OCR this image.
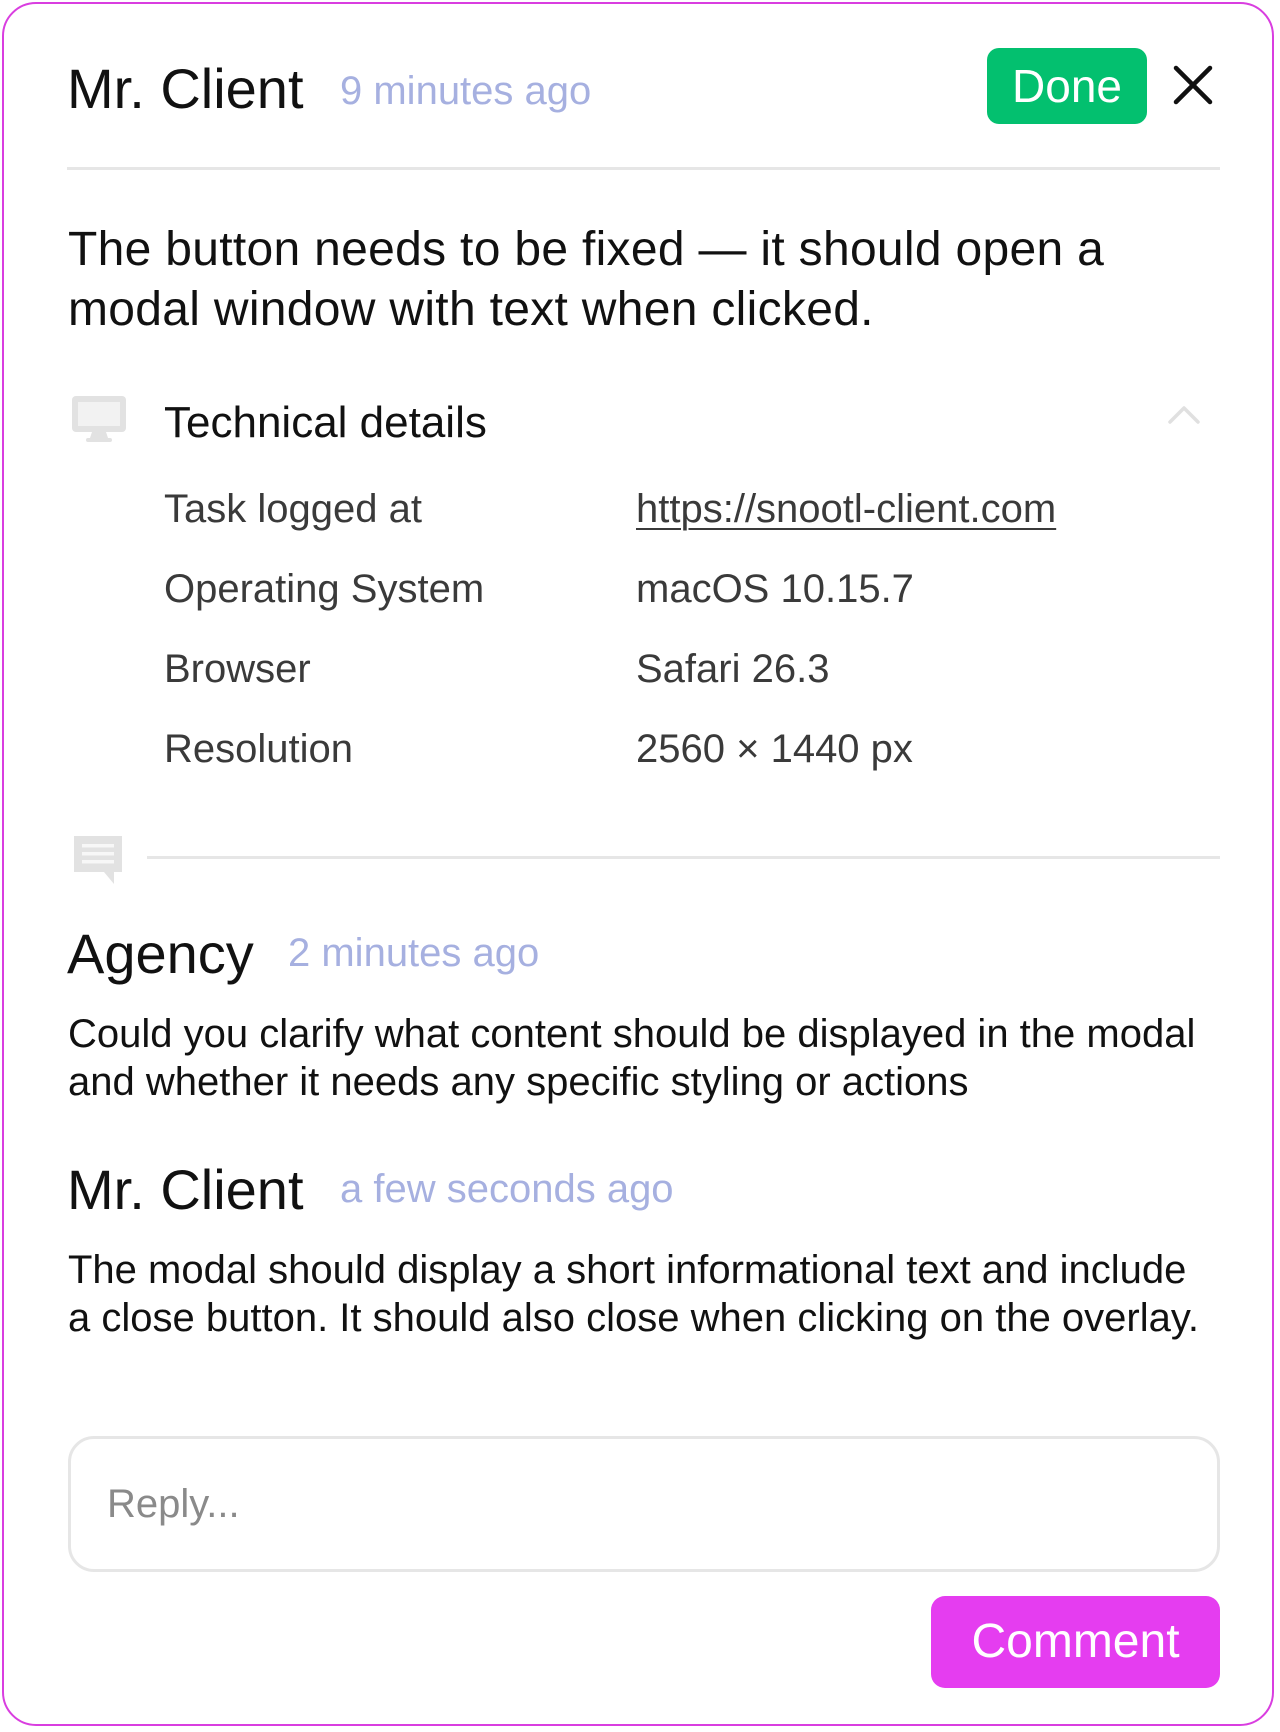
Mr. Client 9 minutes ago	Done
The button needs to be fixed — it should open a modal window with text when clicked.
Technical details
Task logged at	https://snootl-client.com
Operating System	macOS 10.15.7
Browser	Safari 26.3
Resolution	2560 × 1440 px
Agency 2 minutes ago
Could you clarify what content should be displayed in the modal and whether it needs any specific styling or actions
Mr. Client a few seconds ago
The modal should display a short informational text and include a close button. It should also close when clicking on the overlay.
Reply...
Comment
